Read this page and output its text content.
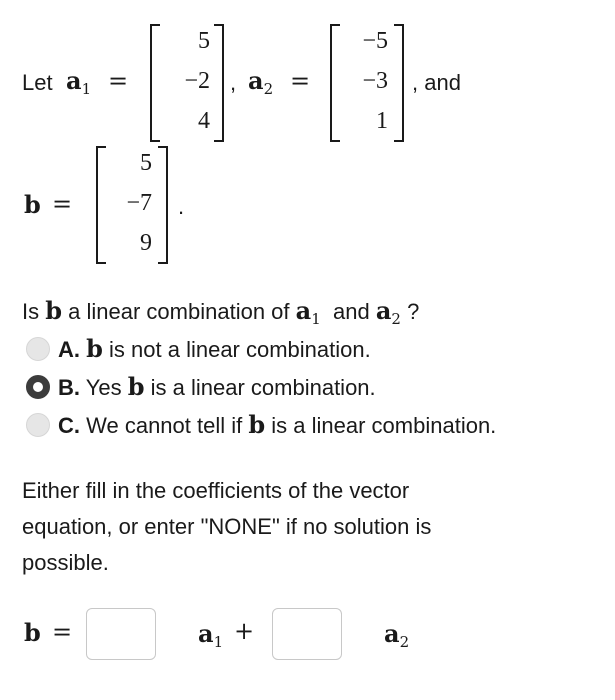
Let $a_1$ =
5
−2
4
, $a_2$ =
−5
−3
1
, and
b =
5
−7
9
.
Is b a linear combination of $a_1$ and $a_2$ ?
A. b is not a linear combination.
B. Yes b is a linear combination.
C. We cannot tell if b is a linear combination.
Either fill in the coefficients of the vector
equation, or enter "NONE" if no solution is
possible.
b =	$a_1$ +	$a_2$
